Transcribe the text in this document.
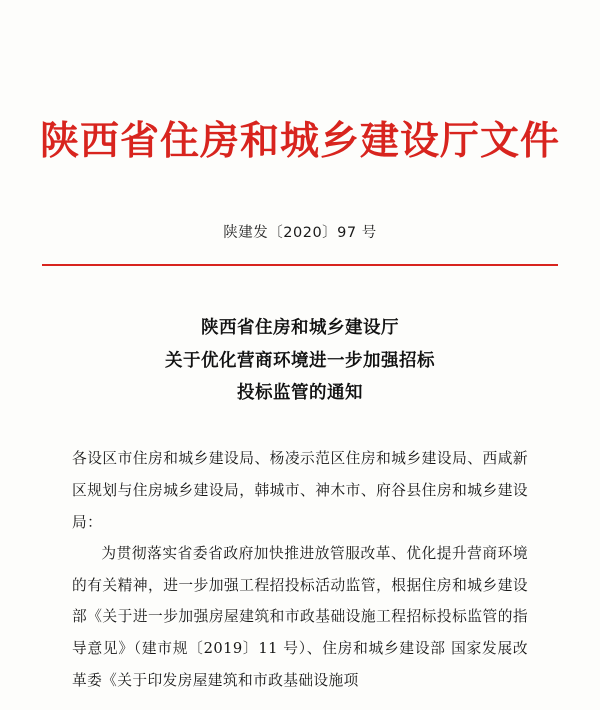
陕西省住房和城乡建设厅文件
陕建发〔2020〕97 号
陕西省住房和城乡建设厅
关于优化营商环境进一步加强招标
投标监管的通知

各设区市住房和城乡建设局、杨凌示范区住房和城乡建设局、西咸新区规划与住房城乡建设局，韩城市、神木市、府谷县住房和城乡建设局：

为贯彻落实省委省政府加快推进放管服改革、优化提升营商环境的有关精神，进一步加强工程招投标活动监管，根据住房和城乡建设部《关于进一步加强房屋建筑和市政基础设施工程招标投标监管的指导意见》（建市规〔2019〕11 号）、住房和城乡建设部 国家发展改革委《关于印发房屋建筑和市政基础设施项
